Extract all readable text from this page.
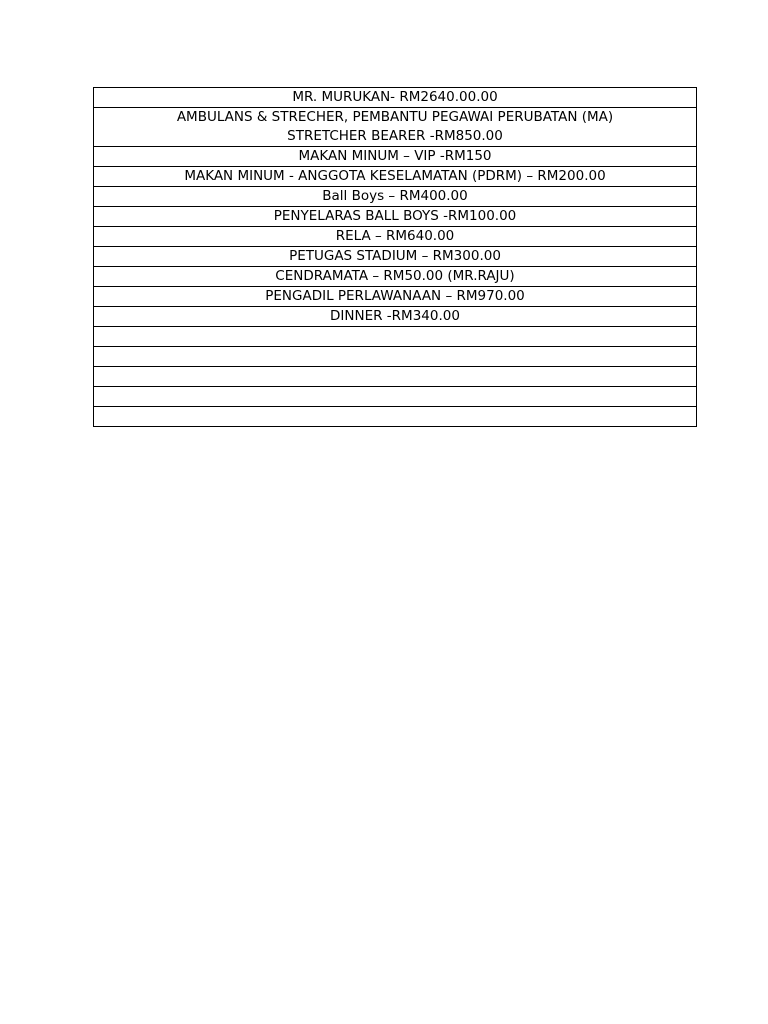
MR. MURUKAN- RM2640.00.00

AMBULANS & STRECHER, PEMBANTU PEGAWAI PERUBATAN (MA)
STRETCHER BEARER -RM850.00

MAKAN MINUM – VIP -RM150

MAKAN MINUM - ANGGOTA KESELAMATAN (PDRM) – RM200.00

Ball Boys – RM400.00

PENYELARAS BALL BOYS -RM100.00

RELA – RM640.00

PETUGAS STADIUM – RM300.00

CENDRAMATA – RM50.00 (MR.RAJU)

PENGADIL PERLAWANAAN – RM970.00

DINNER -RM340.00
